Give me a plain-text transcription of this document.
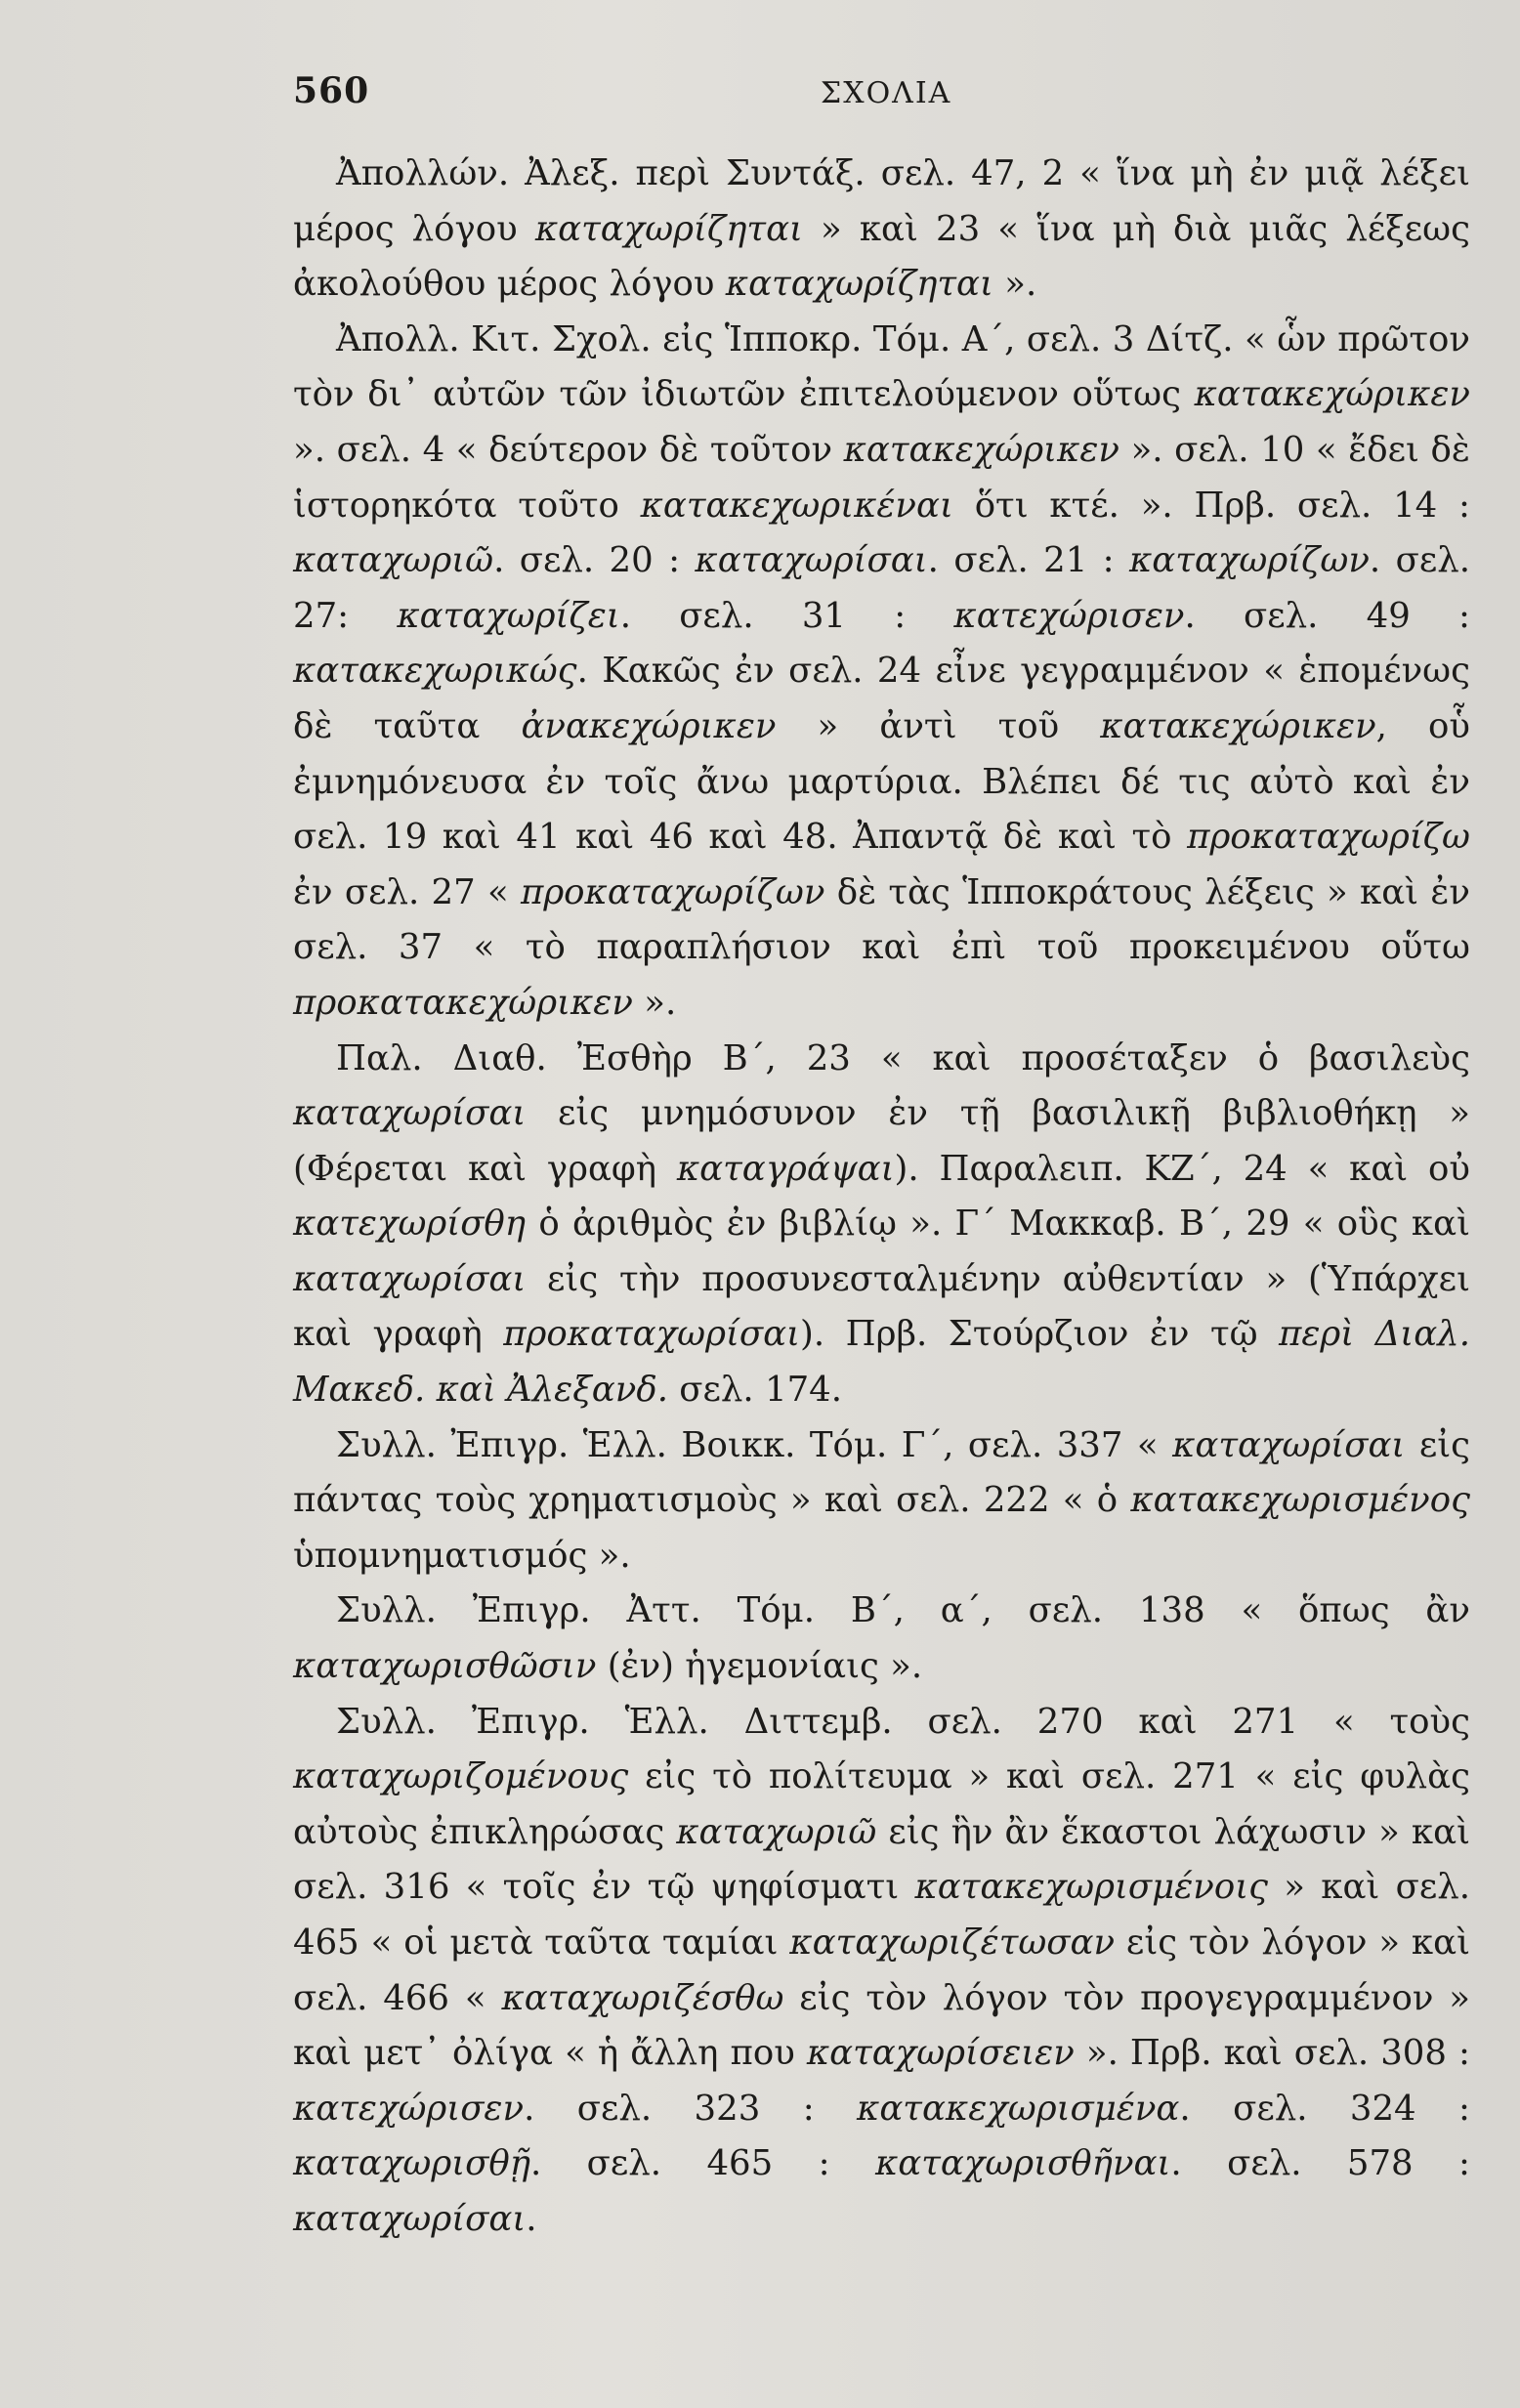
560	ΣΧΟΛΙΑ

Ἀπολλών. Ἀλεξ. περὶ Συντάξ. σελ. 47, 2 « ἵνα μὴ ἐν μιᾷ λέξει μέρος λόγου καταχωρίζηται » καὶ 23 « ἵνα μὴ διὰ μιᾶς λέξεως ἀκολούθου μέρος λόγου καταχωρίζηται ».

Ἀπολλ. Κιτ. Σχολ. εἰς Ἱπποκρ. Τόμ. Α΄, σελ. 3 Δίτζ. « ὧν πρῶτον τὸν δι᾽ αὐτῶν τῶν ἰδιωτῶν ἐπιτελούμενον οὕτως κατακεχώρικεν ». σελ. 4 « δεύτερον δὲ τοῦτον κατακεχώρικεν ». σελ. 10 « ἔδει δὲ ἱστορηκότα τοῦτο κατακεχωρικέναι ὅτι κτέ. ». Πρβ. σελ. 14 : καταχωριῶ. σελ. 20 : καταχωρίσαι. σελ. 21 : καταχωρίζων. σελ. 27: καταχωρίζει. σελ. 31 : κατεχώρισεν. σελ. 49 : κατακεχωρικώς. Κακῶς ἐν σελ. 24 εἶνε γεγραμμένον « ἑπομένως δὲ ταῦτα ἀνακεχώρικεν » ἀντὶ τοῦ κατακεχώρικεν, οὗ ἐμνημόνευσα ἐν τοῖς ἄνω μαρτύρια. Βλέπει δέ τις αὐτὸ καὶ ἐν σελ. 19 καὶ 41 καὶ 46 καὶ 48. Ἀπαντᾷ δὲ καὶ τὸ προκαταχωρίζω ἐν σελ. 27 « προκαταχωρίζων δὲ τὰς Ἱπποκράτους λέξεις » καὶ ἐν σελ. 37 « τὸ παραπλήσιον καὶ ἐπὶ τοῦ προκειμένου οὕτω προκατακεχώρικεν ».

Παλ. Διαθ. Ἐσθὴρ Β΄, 23 « καὶ προσέταξεν ὁ βασιλεὺς καταχωρίσαι εἰς μνημόσυνον ἐν τῇ βασιλικῇ βιβλιοθήκῃ » (Φέρεται καὶ γραφὴ καταγράψαι). Παραλειπ. ΚΖ΄, 24 « καὶ οὐ κατεχωρίσθη ὁ ἀριθμὸς ἐν βιβλίῳ ». Γ΄ Μακκαβ. Β΄, 29 « οὓς καὶ καταχωρίσαι εἰς τὴν προσυνεσταλμένην αὐθεντίαν » (Ὑπάρχει καὶ γραφὴ προκαταχωρίσαι). Πρβ. Στούρζιον ἐν τῷ περὶ Διαλ. Μακεδ. καὶ Ἀλεξανδ. σελ. 174.

Συλλ. Ἐπιγρ. Ἑλλ. Βοικκ. Τόμ. Γ΄, σελ. 337 « καταχωρίσαι εἰς πάντας τοὺς χρηματισμοὺς » καὶ σελ. 222 « ὁ κατακεχωρισμένος ὑπομνηματισμός ».

Συλλ. Ἐπιγρ. Ἀττ. Τόμ. Β΄, α΄, σελ. 138 « ὅπως ἂν καταχωρισθῶσιν (ἐν) ἡγεμονίαις ».

Συλλ. Ἐπιγρ. Ἑλλ. Διττεμβ. σελ. 270 καὶ 271 « τοὺς καταχωριζομένους εἰς τὸ πολίτευμα » καὶ σελ. 271 « εἰς φυλὰς αὐτοὺς ἐπικληρώσας καταχωριῶ εἰς ἣν ἂν ἕκαστοι λάχωσιν » καὶ σελ. 316 « τοῖς ἐν τῷ ψηφίσματι κατακεχωρισμένοις » καὶ σελ. 465 « οἱ μετὰ ταῦτα ταμίαι καταχωριζέτωσαν εἰς τὸν λόγον » καὶ σελ. 466 « καταχωριζέσθω εἰς τὸν λόγον τὸν προγεγραμμένον » καὶ μετ᾽ ὀλίγα « ἡ ἄλλη που καταχωρίσειεν ». Πρβ. καὶ σελ. 308 : κατεχώρισεν. σελ. 323 : κατακεχωρισμένα. σελ. 324 : καταχωρισθῇ. σελ. 465 : καταχωρισθῆναι. σελ. 578 : καταχωρίσαι.
